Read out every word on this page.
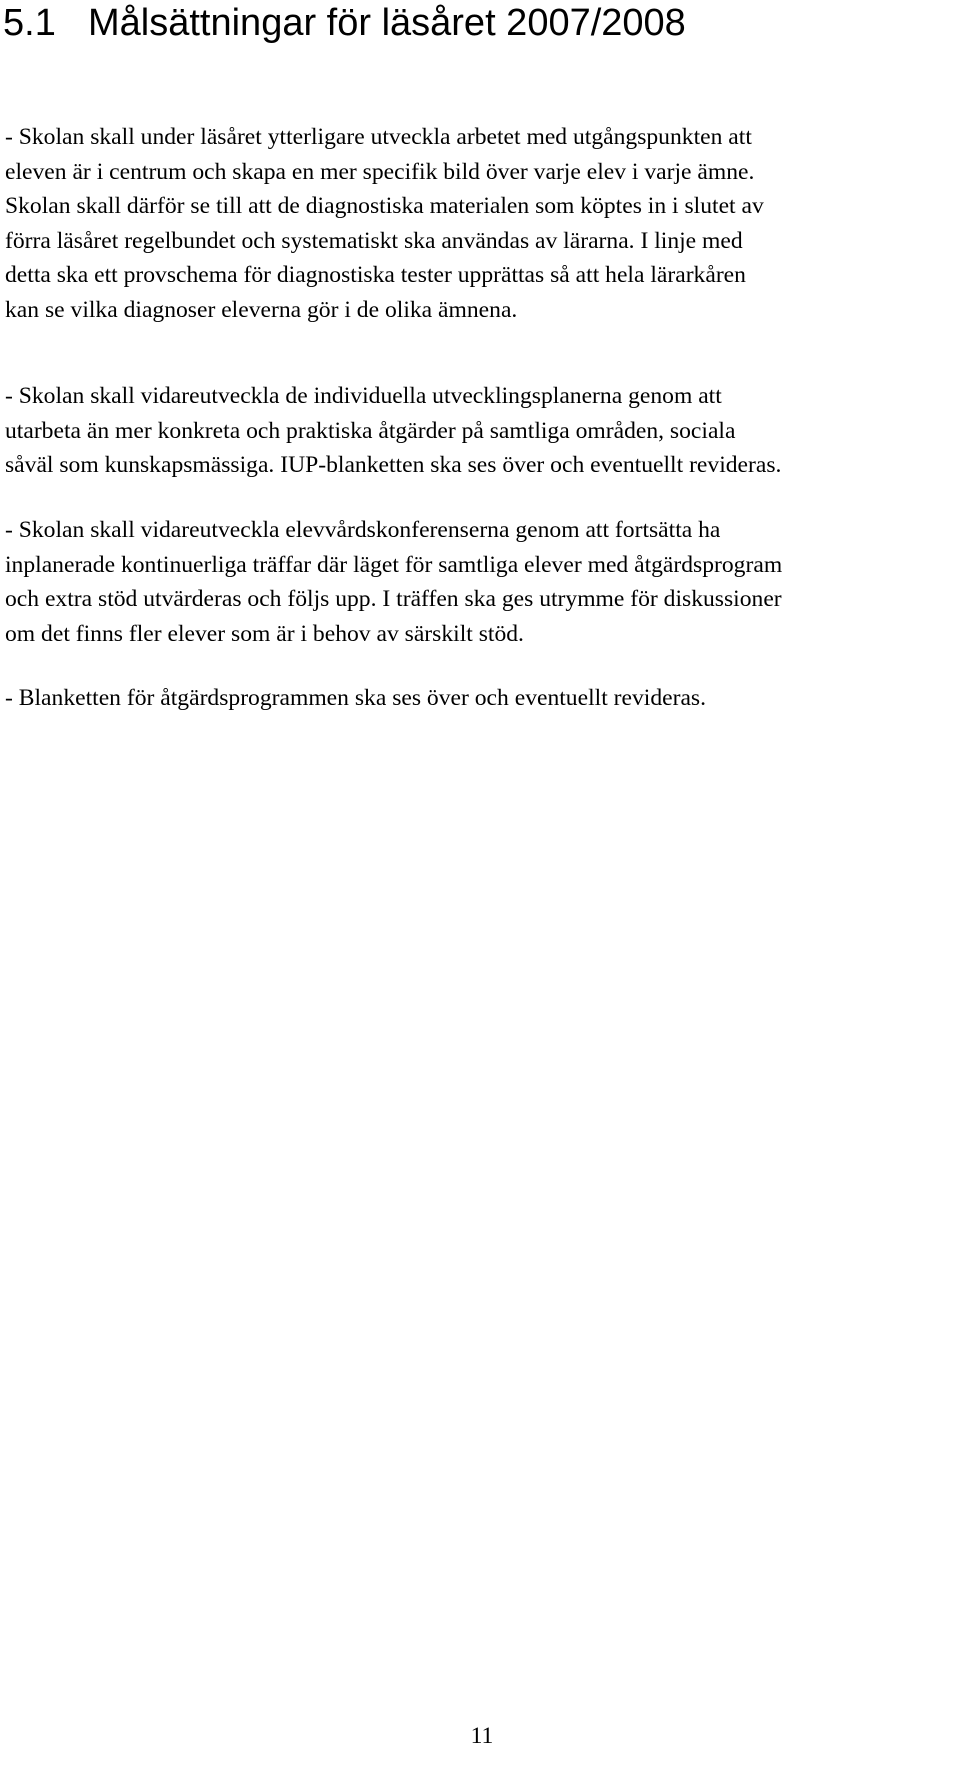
5.1 Målsättningar för läsåret 2007/2008

- Skolan skall under läsåret ytterligare utveckla arbetet med utgångspunkten att
eleven är i centrum och skapa en mer specifik bild över varje elev i varje ämne.
Skolan skall därför se till att de diagnostiska materialen som köptes in i slutet av
förra läsåret regelbundet och systematiskt ska användas av lärarna. I linje med
detta ska ett provschema för diagnostiska tester upprättas så att hela lärarkåren
kan se vilka diagnoser eleverna gör i de olika ämnena.

- Skolan skall vidareutveckla de individuella utvecklingsplanerna genom att
utarbeta än mer konkreta och praktiska åtgärder på samtliga områden, sociala
såväl som kunskapsmässiga. IUP-blanketten ska ses över och eventuellt revideras.

- Skolan skall vidareutveckla elevvårdskonferenserna genom att fortsätta ha
inplanerade kontinuerliga träffar där läget för samtliga elever med åtgärdsprogram
och extra stöd utvärderas och följs upp. I träffen ska ges utrymme för diskussioner
om det finns fler elever som är i behov av särskilt stöd.

- Blanketten för åtgärdsprogrammen ska ses över och eventuellt revideras.

11
